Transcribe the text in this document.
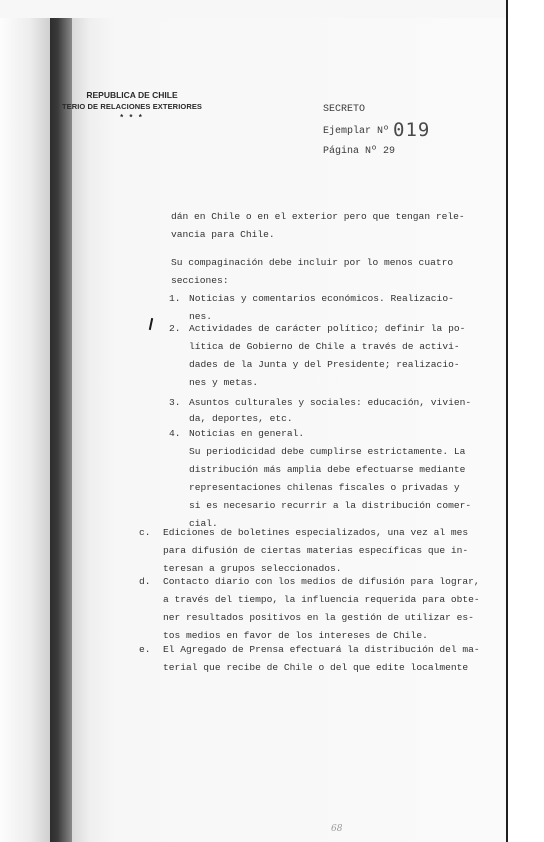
REPUBLICA DE CHILE
TERIO DE RELACIONES EXTERIORES
* * *
SECRETO
Ejemplar Nº 019
Página Nº 29
dán en Chile o en el exterior pero que tengan rele-
vancia para Chile.
Su compaginación debe incluir por lo menos cuatro
secciones:
1. Noticias y comentarios económicos. Realizacio-
nes.
2. Actividades de carácter político; definir la po-
lítica de Gobierno de Chile a través de activi-
dades de la Junta y del Presidente; realizacio-
nes y metas.
3. Asuntos culturales y sociales: educación, vivien-
da, deportes, etc.
4. Noticias en general.
Su periodicidad debe cumplirse estrictamente. La
distribución más amplia debe efectuarse mediante
representaciones chilenas fiscales o privadas y
si es necesario recurrir a la distribución comer-
cial.
c. Ediciones de boletines especializados, una vez al mes
para difusión de ciertas materias específicas que in-
teresan a grupos seleccionados.
d. Contacto diario con los medios de difusión para lograr,
a través del tiempo, la influencia requerida para obte-
ner resultados positivos en la gestión de utilizar es-
tos medios en favor de los intereses de Chile.
e. El Agregado de Prensa efectuará la distribución del ma-
terial que recibe de Chile o del que edite localmente
68
